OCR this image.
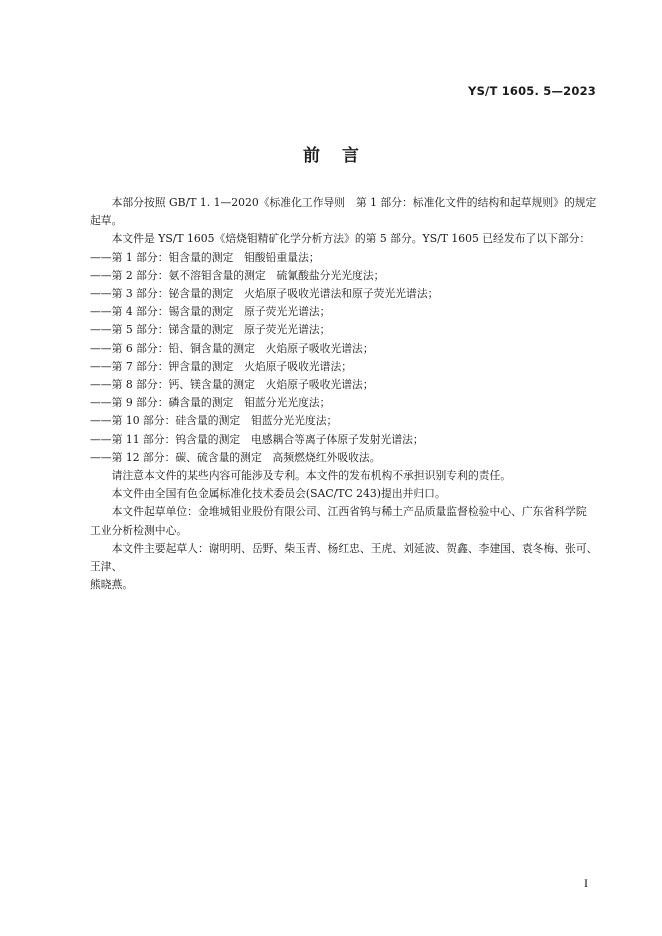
YS/T 1605. 5—2023
前言

本部分按照 GB/T 1. 1—2020《标准化工作导则　第 1 部分：标准化文件的结构和起草规则》的规定

起草。

本文件是 YS/T 1605《焙烧钼精矿化学分析方法》的第 5 部分。YS/T 1605 已经发布了以下部分：

——第 1 部分：钼含量的测定　钼酸铅重量法；

——第 2 部分：氨不溶钼含量的测定　硫氰酸盐分光光度法；

——第 3 部分：铋含量的测定　火焰原子吸收光谱法和原子荧光光谱法；

——第 4 部分：锡含量的测定　原子荧光光谱法；

——第 5 部分：锑含量的测定　原子荧光光谱法；

——第 6 部分：铅、铜含量的测定　火焰原子吸收光谱法；

——第 7 部分：钾含量的测定　火焰原子吸收光谱法；

——第 8 部分：钙、镁含量的测定　火焰原子吸收光谱法；

——第 9 部分：磷含量的测定　钼蓝分光光度法；

——第 10 部分：硅含量的测定　钼蓝分光光度法；

——第 11 部分：钨含量的测定　电感耦合等离子体原子发射光谱法；

——第 12 部分：碳、硫含量的测定　高频燃烧红外吸收法。

请注意本文件的某些内容可能涉及专利。本文件的发布机构不承担识别专利的责任。

本文件由全国有色金属标准化技术委员会(SAC/TC 243)提出并归口。

本文件起草单位：金堆城钼业股份有限公司、江西省钨与稀土产品质量监督检验中心、广东省科学院

工业分析检测中心。

本文件主要起草人：谢明明、岳野、柴玉青、杨红忠、王虎、刘延波、贺鑫、李建国、袁冬梅、张可、王津、

熊晓燕。

I
